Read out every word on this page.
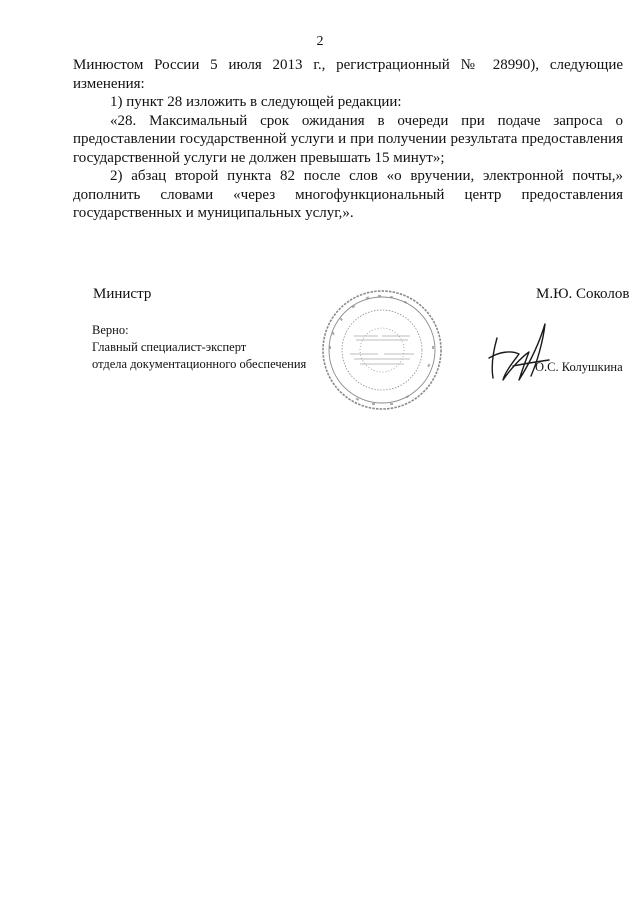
2

Минюстом России 5 июля 2013 г., регистрационный № 28990), следующие изменения:

1) пункт 28 изложить в следующей редакции:

«28. Максимальный срок ожидания в очереди при подаче запроса о предоставлении государственной услуги и при получении результата предоставления государственной услуги не должен превышать 15 минут»;

2) абзац второй пункта 82 после слов «о вручении, электронной почты,» дополнить словами «через многофункциональный центр предоставления государственных и муниципальных услуг,».

Министр	М.Ю. Соколов
Верно:
Главный специалист-эксперт
отдела документационного обеспечения	О.С. Колушкина
